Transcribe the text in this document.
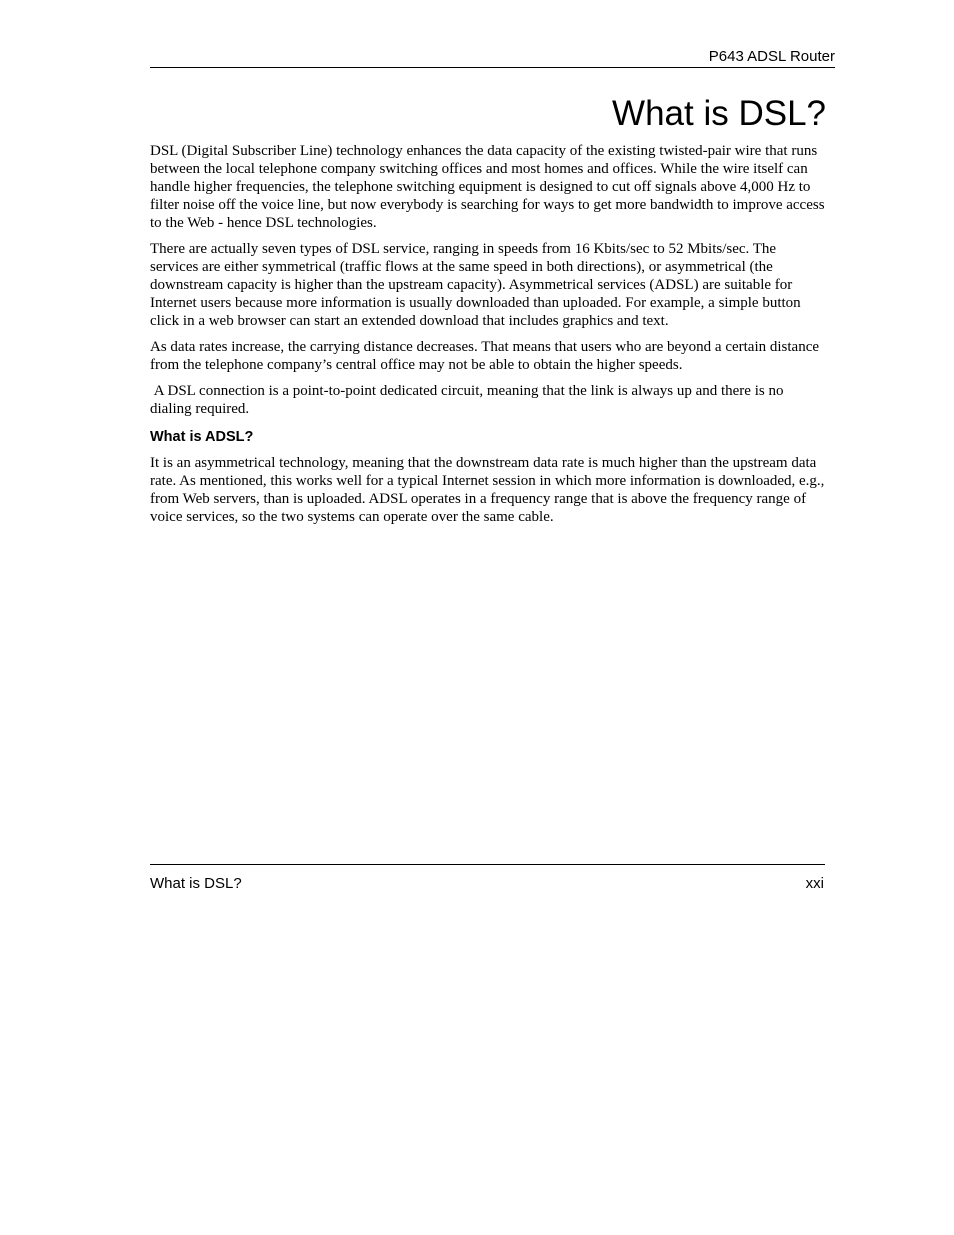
P643 ADSL Router
What is DSL?

DSL (Digital Subscriber Line) technology enhances the data capacity of the existing twisted-pair wire that runs between the local telephone company switching offices and most homes and offices. While the wire itself can handle higher frequencies, the telephone switching equipment is designed to cut off signals above 4,000 Hz to filter noise off the voice line, but now everybody is searching for ways to get more bandwidth to improve access to the Web - hence DSL technologies.

There are actually seven types of DSL service, ranging in speeds from 16 Kbits/sec to 52 Mbits/sec. The services are either symmetrical (traffic flows at the same speed in both directions), or asymmetrical (the downstream capacity is higher than the upstream capacity). Asymmetrical services (ADSL) are suitable for Internet users because more information is usually downloaded than uploaded. For example, a simple button click in a web browser can start an extended download that includes graphics and text.

As data rates increase, the carrying distance decreases. That means that users who are beyond a certain distance from the telephone company’s central office may not be able to obtain the higher speeds.

A DSL connection is a point-to-point dedicated circuit, meaning that the link is always up and there is no dialing required.

What is ADSL?

It is an asymmetrical technology, meaning that the downstream data rate is much higher than the upstream data rate. As mentioned, this works well for a typical Internet session in which more information is downloaded, e.g., from Web servers, than is uploaded. ADSL operates in a frequency range that is above the frequency range of voice services, so the two systems can operate over the same cable.

What is DSL?	xxi
